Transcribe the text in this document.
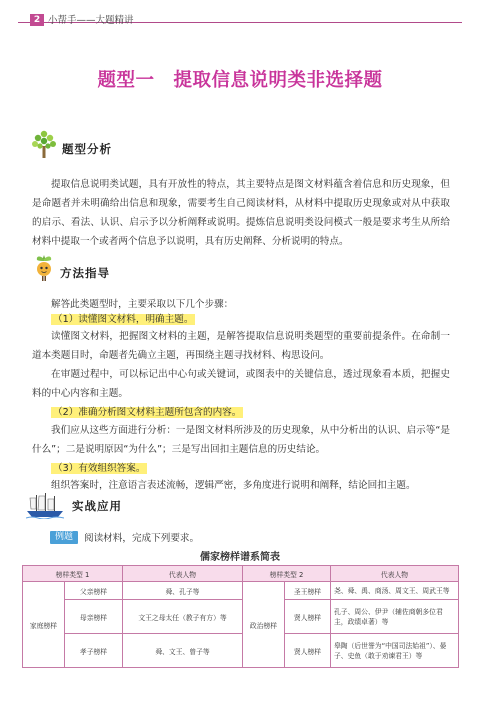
2 小帮手——大题精讲
题型一　提取信息说明类非选择题
题型分析

提取信息说明类试题，具有开放性的特点，其主要特点是图文材料蕴含着信息和历史现象，但是命题者并未明确给出信息和现象，需要考生自己阅读材料，从材料中提取历史现象或对从中获取的启示、看法、认识、启示予以分析阐释或说明。提炼信息说明类设问模式一般是要求考生从所给材料中提取一个或者两个信息予以说明，具有历史阐释、分析说明的特点。

方法指导
解答此类题型时，主要采取以下几个步骤：
（1）读懂图文材料，明确主题。

读懂图文材料，把握图文材料的主题，是解答提取信息说明类题型的重要前提条件。在命制一道本类题目时，命题者先确立主题，再围绕主题寻找材料、构思设问。

在审题过程中，可以标记出中心句或关键词，或图表中的关键信息，透过现象看本质，把握史料的中心内容和主题。

（2）准确分析图文材料主题所包含的内容。

我们应从这些方面进行分析：一是图文材料所涉及的历史现象，从中分析出的认识、启示等“是什么”；二是说明原因“为什么”；三是写出回扣主题信息的历史结论。

（3）有效组织答案。

组织答案时，注意语言表述流畅，逻辑严密，多角度进行说明和阐释，结论回扣主题。

实战应用
例题	阅读材料，完成下列要求。
儒家榜样谱系简表
榜样类型 1		代表人物	榜样类型 2		代表人物
家庭榜样	父亲榜样	舜、孔子等	政治榜样	圣王榜样	尧、舜、禹、商汤、周文王、周武王等
	母亲榜样	文王之母太任（教子有方）等		贤人榜样	孔子、周公、伊尹（辅佐商朝多位君主，政绩卓著）等
	孝子榜样	舜、文王、曾子等		贤人榜样	皋陶（后世誉为“中国司法始祖”）、晏子、史鱼（敢于劝谏君王）等
